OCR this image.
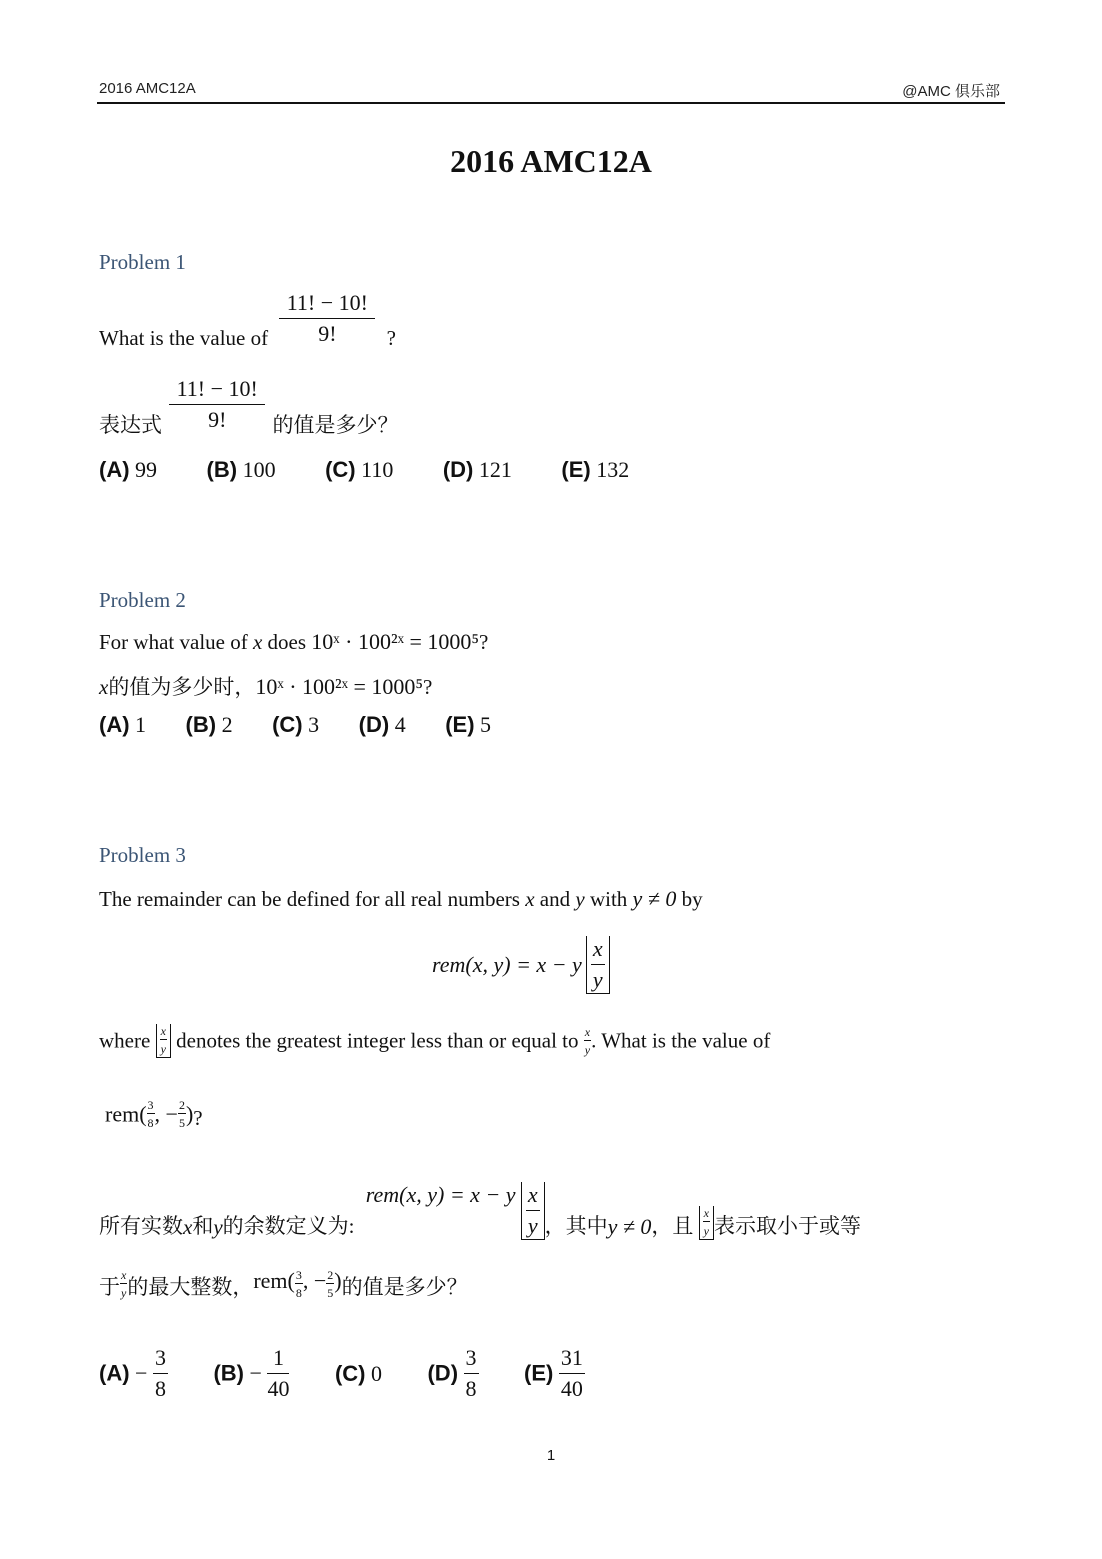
2016 AMC12A	@AMC 俱乐部
2016 AMC12A
Problem 1
What is the value of $\frac{11! - 10!}{9!}$ ?
表达式 $\frac{11! - 10!}{9!}$ 的值是多少？
(A) 99 (B) 100 (C) 110 (D) 121 (E) 132
Problem 2
For what value of x does 10ˣ · 100²ˣ = 1000⁵?
x的值为多少时，10ˣ · 100²ˣ = 1000⁵?
(A) 1 (B) 2 (C) 3 (D) 4 (E) 5
Problem 3
The remainder can be defined for all real numbers x and y with y ≠ 0 by
rem(x, y) = x − y $\frac{x}{y}$
where $\frac{x}{y}$ denotes the greatest integer less than or equal to $\frac{x}{y}$ . What is the value of
$rem( \frac{3}{8}$ , − $\frac{2}{5}$ )?
所有实数x和y的余数定义为: rem(x, y) = x − y $\frac{x}{y}$ ，其中y ≠ 0，且 $\frac{x}{y}$ 表示取小于或等
于 $\frac{x}{y}$ 的最大整数，$rem( \frac{3}{8}$ , − $\frac{2}{5}$ )的值是多少？
$(A) - \frac{3}{8} (B) - \frac{1}{40} (C)$ 0 $(D) \frac{3}{8} (E) \frac{31}{40}$
1
